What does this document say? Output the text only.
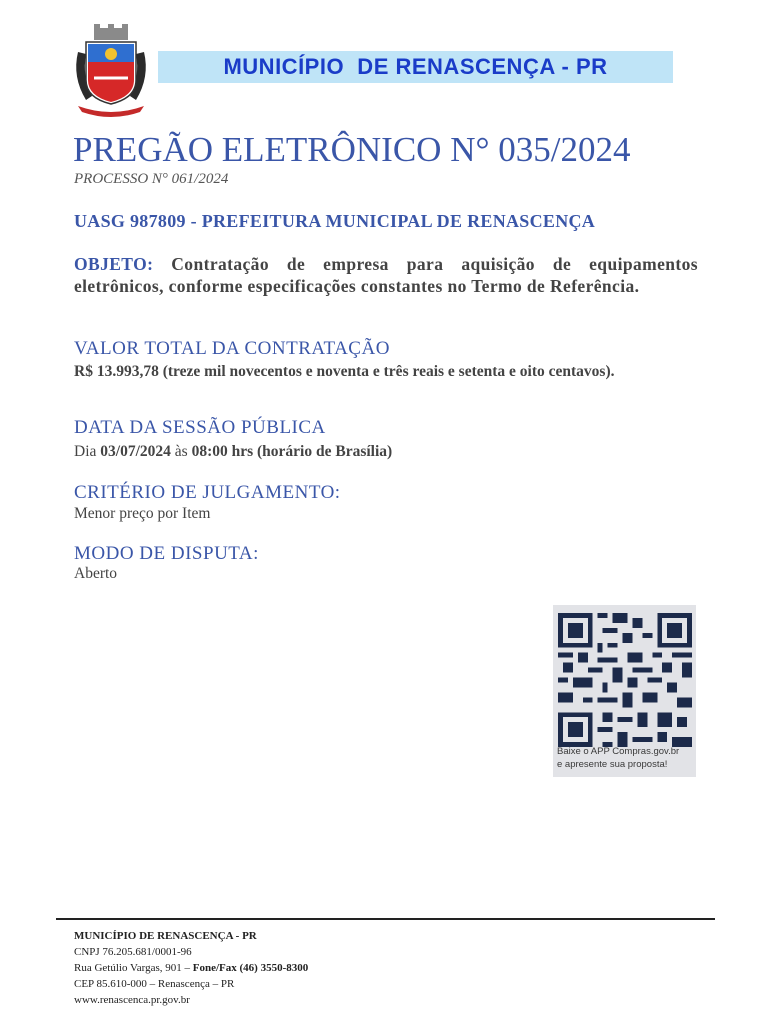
MUNICÍPIO  DE RENASCENÇA - PR
PREGÃO ELETRÔNICO N° 035/2024
PROCESSO N° 061/2024
UASG 987809 - PREFEITURA MUNICIPAL DE RENASCENÇA
OBJETO: Contratação de empresa para aquisição de equipamentos eletrônicos, conforme especificações constantes no Termo de Referência.
VALOR TOTAL DA CONTRATAÇÃO
R$ 13.993,78 (treze mil novecentos e noventa e três reais e setenta e oito centavos).
DATA DA SESSÃO PÚBLICA
Dia 03/07/2024 às 08:00 hrs (horário de Brasília)
CRITÉRIO DE JULGAMENTO:
Menor preço por Item
MODO DE DISPUTA:
Aberto
Baixe o APP Compras.gov.br
e apresente sua proposta!
MUNICÍPIO DE RENASCENÇA - PR
CNPJ 76.205.681/0001-96
Rua Getúlio Vargas, 901 – Fone/Fax (46) 3550-8300
CEP 85.610-000 – Renascença – PR
www.renascenca.pr.gov.br
